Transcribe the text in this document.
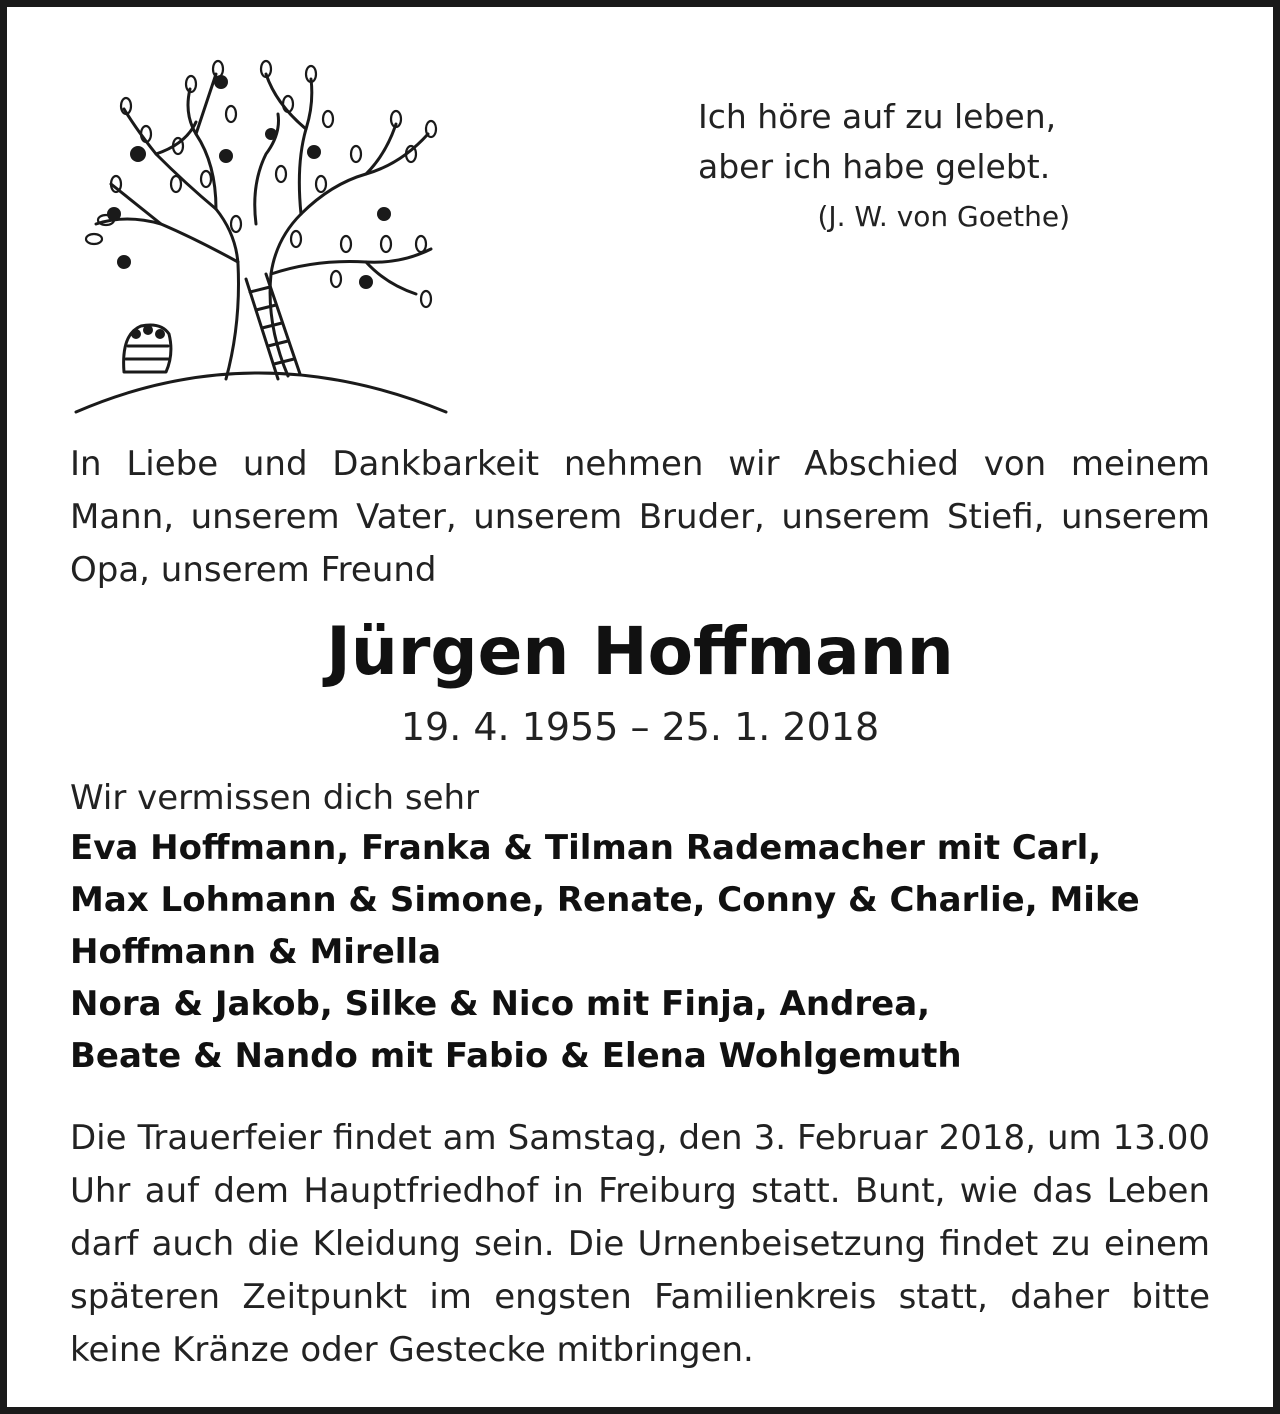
Ich höre auf zu leben,
aber ich habe gelebt.
(J. W. von Goethe)
In Liebe und Dankbarkeit nehmen wir Abschied von meinem Mann, unserem Vater, unserem Bruder, unserem Stiefi, unserem Opa, unserem Freund
Jürgen Hoffmann
19. 4. 1955 – 25. 1. 2018
Wir vermissen dich sehr
Eva Hoffmann, Franka & Tilman Rademacher mit Carl,
Max Lohmann & Simone, Renate, Conny & Charlie, Mike
Hoffmann & Mirella
Nora & Jakob, Silke & Nico mit Finja, Andrea,
Beate & Nando mit Fabio & Elena Wohlgemuth
Die Trauerfeier findet am Samstag, den 3. Februar 2018, um 13.00 Uhr auf dem Hauptfriedhof in Freiburg statt. Bunt, wie das Leben darf auch die Kleidung sein. Die Urnenbeisetzung findet zu einem späteren Zeitpunkt im engsten Familienkreis statt, daher bitte keine Kränze oder Gestecke mitbringen.
